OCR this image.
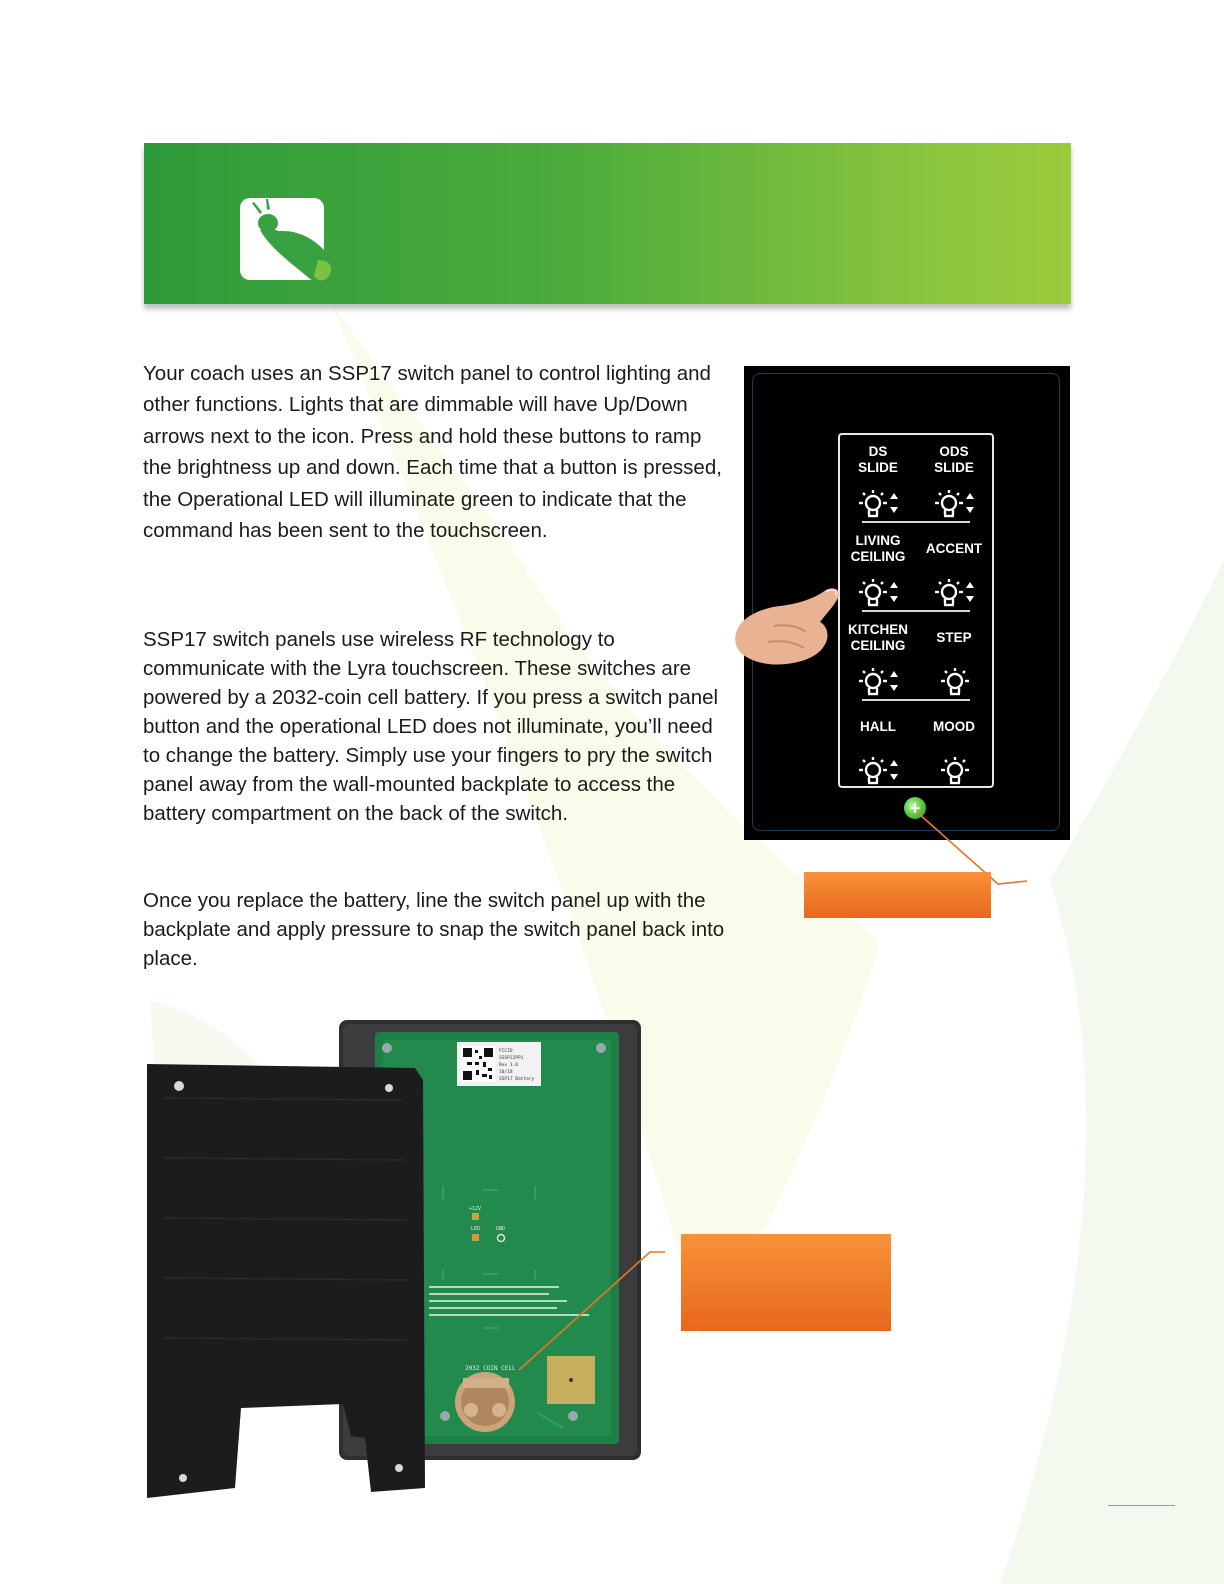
Your coach uses an SSP17 switch panel to control lighting and other functions. Lights that are dimmable will have Up/Down arrows next to the icon. Press and hold these buttons to ramp the brightness up and down. Each time that a button is pressed, the Operational LED will illuminate green to indicate that the command has been sent to the touchscreen.

SSP17 switch panels use wireless RF technology to communicate with the Lyra touchscreen. These switches are powered by a 2032-coin cell battery. If you press a switch panel button and the operational LED does not illuminate, you’ll need to change the battery. Simply use your fingers to pry the switch panel away from the wall-mounted backplate to access the battery compartment on the back of the switch.

Once you replace the battery, line the switch panel up with the backplate and apply pressure to snap the switch panel back into place.

DS
SLIDE
ODS
SLIDE
LIVING
CEILING
ACCENT
KITCHEN
CEILING
STEP
HALL	MOOD
+
FCCID
SSSP22PP1
Rev 1.0
10/18
SSP17 Battery
+12V
LED	GND
2032 COIN CELL
